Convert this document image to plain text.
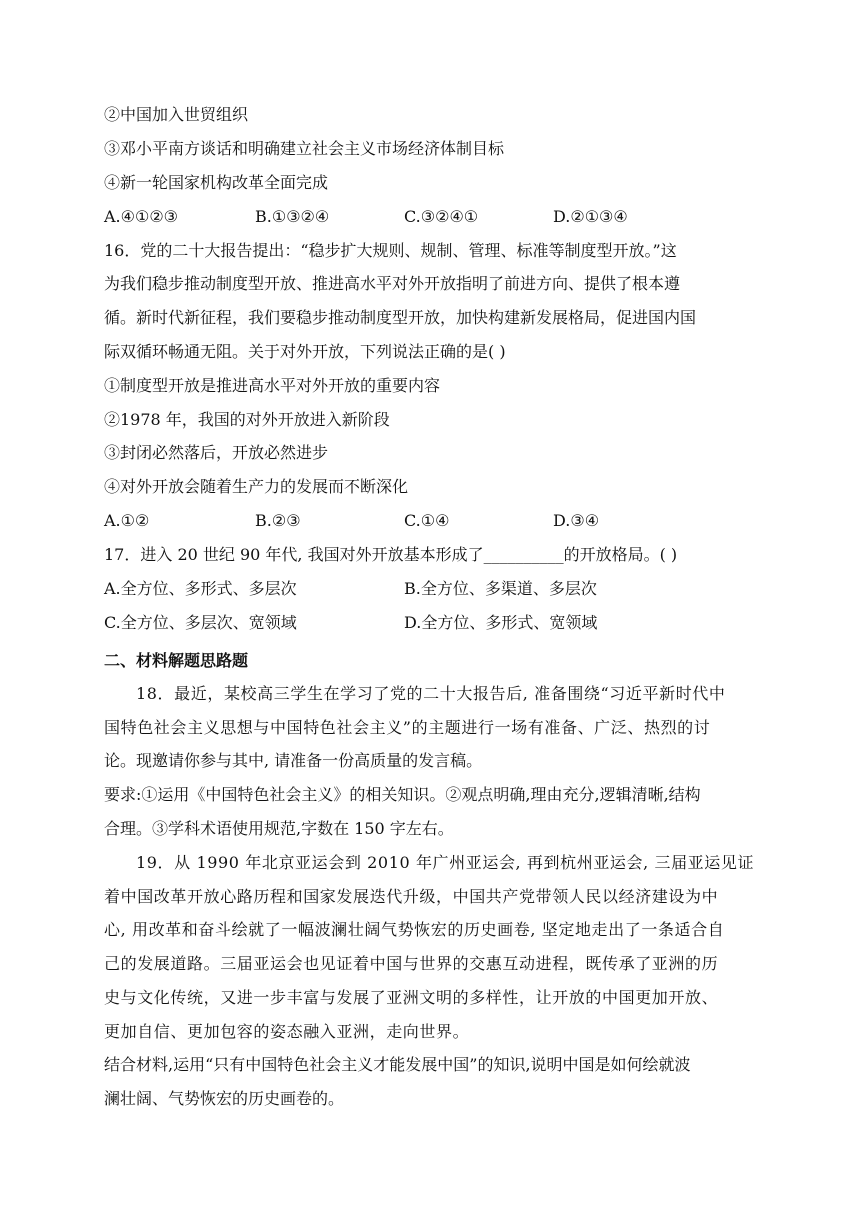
②中国加入世贸组织
③邓小平南方谈话和明确建立社会主义市场经济体制目标
④新一轮国家机构改革全面完成
A.④①②③	B.①③②④	C.③②④①	D.②①③④
16．党的二十大报告提出：“稳步扩大规则、规制、管理、标准等制度型开放。”这
为我们稳步推动制度型开放、推进高水平对外开放指明了前进方向、提供了根本遵
循。新时代新征程，我们要稳步推动制度型开放，加快构建新发展格局，促进国内国
际双循环畅通无阻。关于对外开放，下列说法正确的是( )
①制度型开放是推进高水平对外开放的重要内容
②1978 年，我国的对外开放进入新阶段
③封闭必然落后，开放必然进步
④对外开放会随着生产力的发展而不断深化
A.①②	B.②③	C.①④	D.③④
17．进入 20 世纪 90 年代, 我国对外开放基本形成了__________的开放格局。( )
A.全方位、多形式、多层次	B.全方位、多渠道、多层次
C.全方位、多层次、宽领域	D.全方位、多形式、宽领域
二、材料解题思路题
18．最近，某校高三学生在学习了党的二十大报告后, 准备围绕“习近平新时代中
国特色社会主义思想与中国特色社会主义”的主题进行一场有准备、广泛、热烈的讨
论。现邀请你参与其中, 请准备一份高质量的发言稿。
要求:①运用《中国特色社会主义》的相关知识。②观点明确,理由充分,逻辑清晰,结构
合理。③学科术语使用规范,字数在 150 字左右。
19．从 1990 年北京亚运会到 2010 年广州亚运会, 再到杭州亚运会, 三届亚运见证
着中国改革开放心路历程和国家发展迭代升级，中国共产党带领人民以经济建设为中
心, 用改革和奋斗绘就了一幅波澜壮阔气势恢宏的历史画卷, 坚定地走出了一条适合自
己的发展道路。三届亚运会也见证着中国与世界的交惠互动进程，既传承了亚洲的历
史与文化传统，又进一步丰富与发展了亚洲文明的多样性，让开放的中国更加开放、
更加自信、更加包容的姿态融入亚洲，走向世界。
结合材料,运用“只有中国特色社会主义才能发展中国”的知识,说明中国是如何绘就波
澜壮阔、气势恢宏的历史画卷的。
